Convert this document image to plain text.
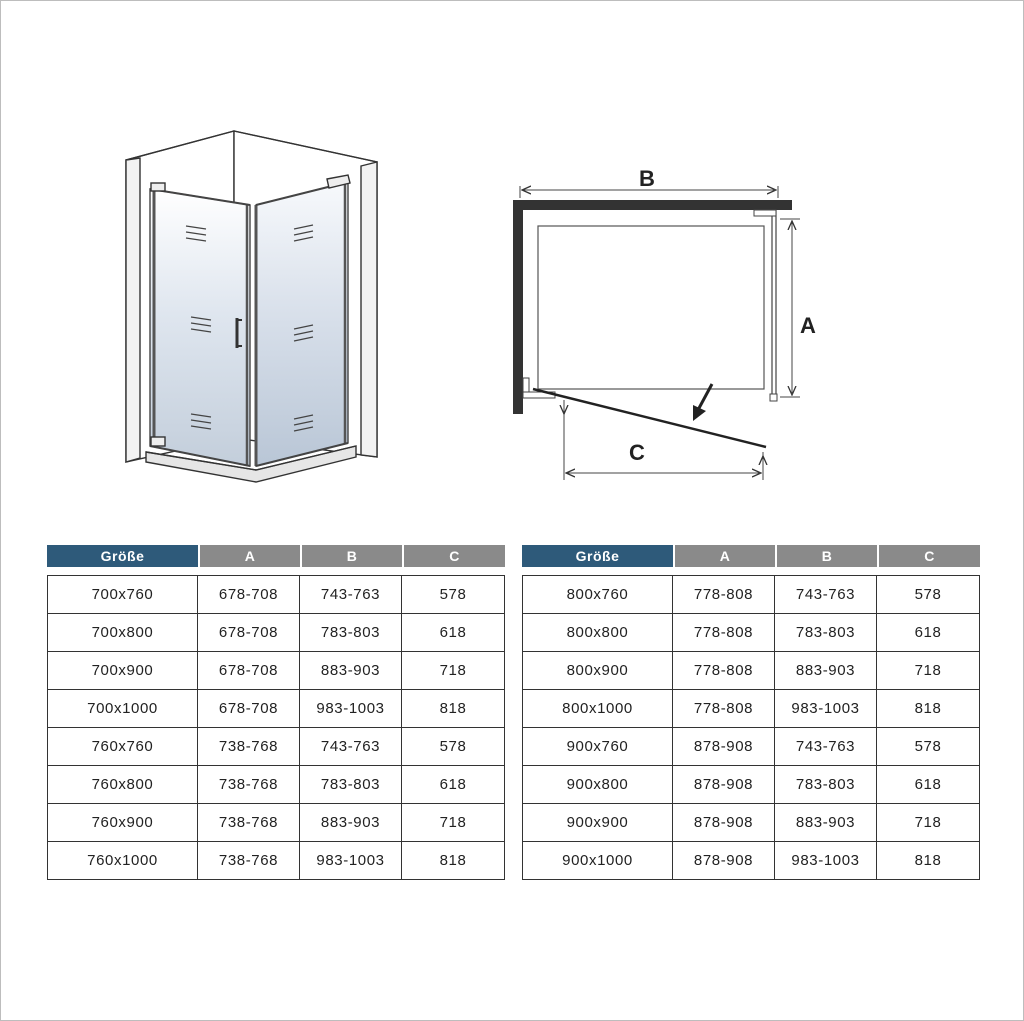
B
A
C
Größe	A	B	C

700x760	678-708	743-763	578
700x800	678-708	783-803	618
700x900	678-708	883-903	718
700x1000	678-708	983-1003	818
760x760	738-768	743-763	578
760x800	738-768	783-803	618
760x900	738-768	883-903	718
760x1000	738-768	983-1003	818
Größe	A	B	C

800x760	778-808	743-763	578
800x800	778-808	783-803	618
800x900	778-808	883-903	718
800x1000	778-808	983-1003	818
900x760	878-908	743-763	578
900x800	878-908	783-803	618
900x900	878-908	883-903	718
900x1000	878-908	983-1003	818
